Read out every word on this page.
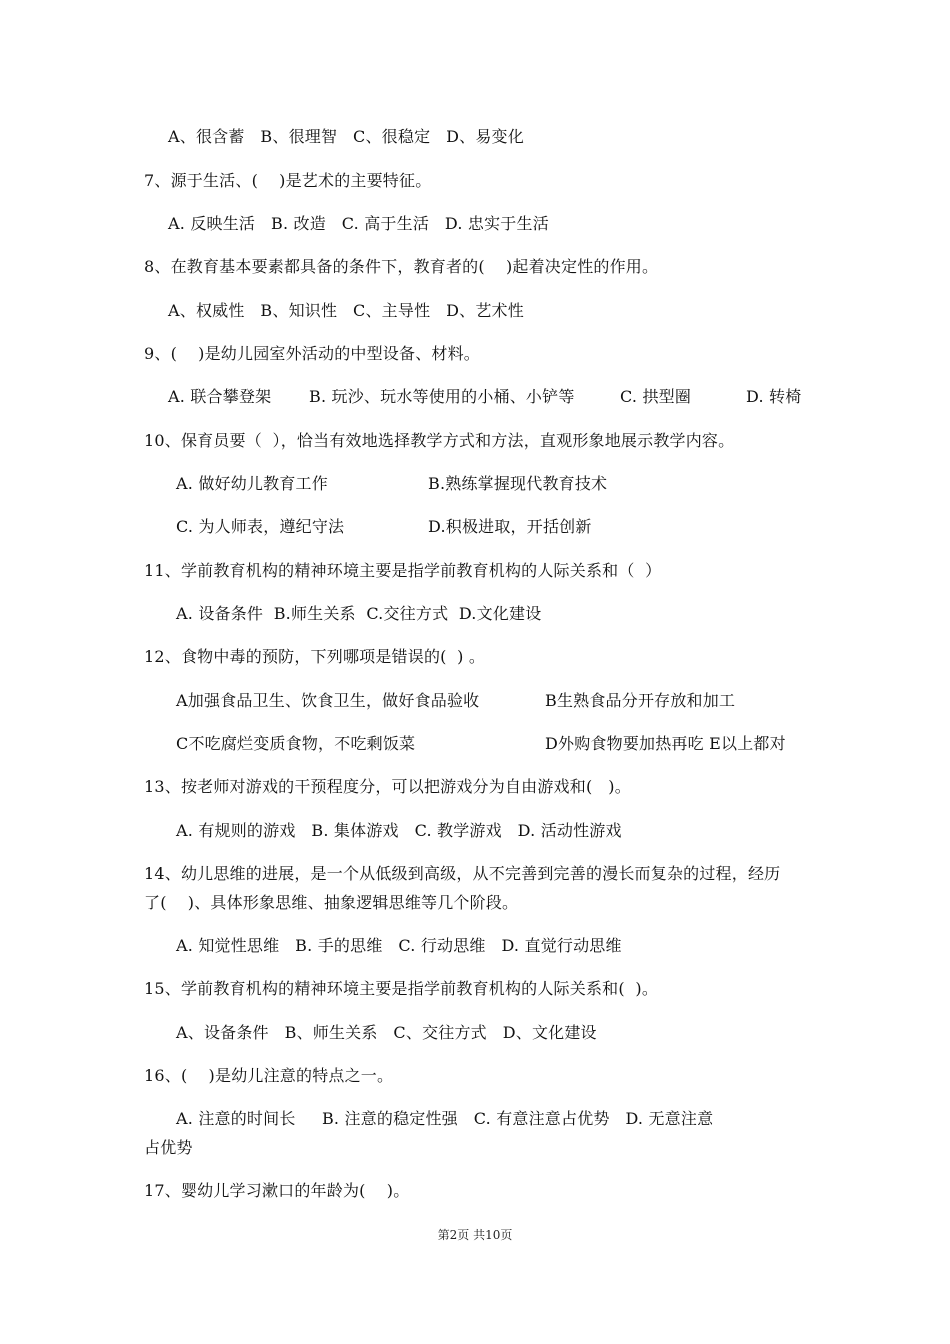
A、很含蓄   B、很理智   C、很稳定   D、易变化
7、源于生活、(    )是艺术的主要特征。
A. 反映生活   B. 改造   C. 高于生活   D. 忠实于生活
8、在教育基本要素都具备的条件下，教育者的(    )起着决定性的作用。
A、权威性   B、知识性   C、主导性   D、艺术性
9、(    )是幼儿园室外活动的中型设备、材料。
A. 联合攀登架 B. 玩沙、玩水等使用的小桶、小铲等	C. 拱型圈	D. 转椅
10、保育员要（  ），恰当有效地选择教学方式和方法，直观形象地展示教学内容。
A. 做好幼儿教育工作	B.熟练掌握现代教育技术
C. 为人师表，遵纪守法	D.积极进取，开括创新
11、学前教育机构的精神环境主要是指学前教育机构的人际关系和（  ）
A. 设备条件  B.师生关系  C.交往方式  D.文化建设
12、食物中毒的预防，下列哪项是错误的(  ) 。
A加强食品卫生、饮食卫生，做好食品验收	B生熟食品分开存放和加工
C不吃腐烂变质食物，不吃剩饭菜	D外购食物要加热再吃 E以上都对
13、按老师对游戏的干预程度分，可以把游戏分为自由游戏和(   )。
A. 有规则的游戏   B. 集体游戏   C. 教学游戏   D. 活动性游戏
14、幼儿思维的进展，是一个从低级到高级，从不完善到完善的漫长而复杂的过程，经历
了(    )、具体形象思维、抽象逻辑思维等几个阶段。
A. 知觉性思维   B. 手的思维   C. 行动思维   D. 直觉行动思维
15、学前教育机构的精神环境主要是指学前教育机构的人际关系和(  )。
A、设备条件   B、师生关系   C、交往方式   D、文化建设
16、(    )是幼儿注意的特点之一。
A. 注意的时间长     B. 注意的稳定性强   C. 有意注意占优势   D. 无意注意
占优势
17、婴幼儿学习漱口的年龄为(    )。
第2页 共10页
